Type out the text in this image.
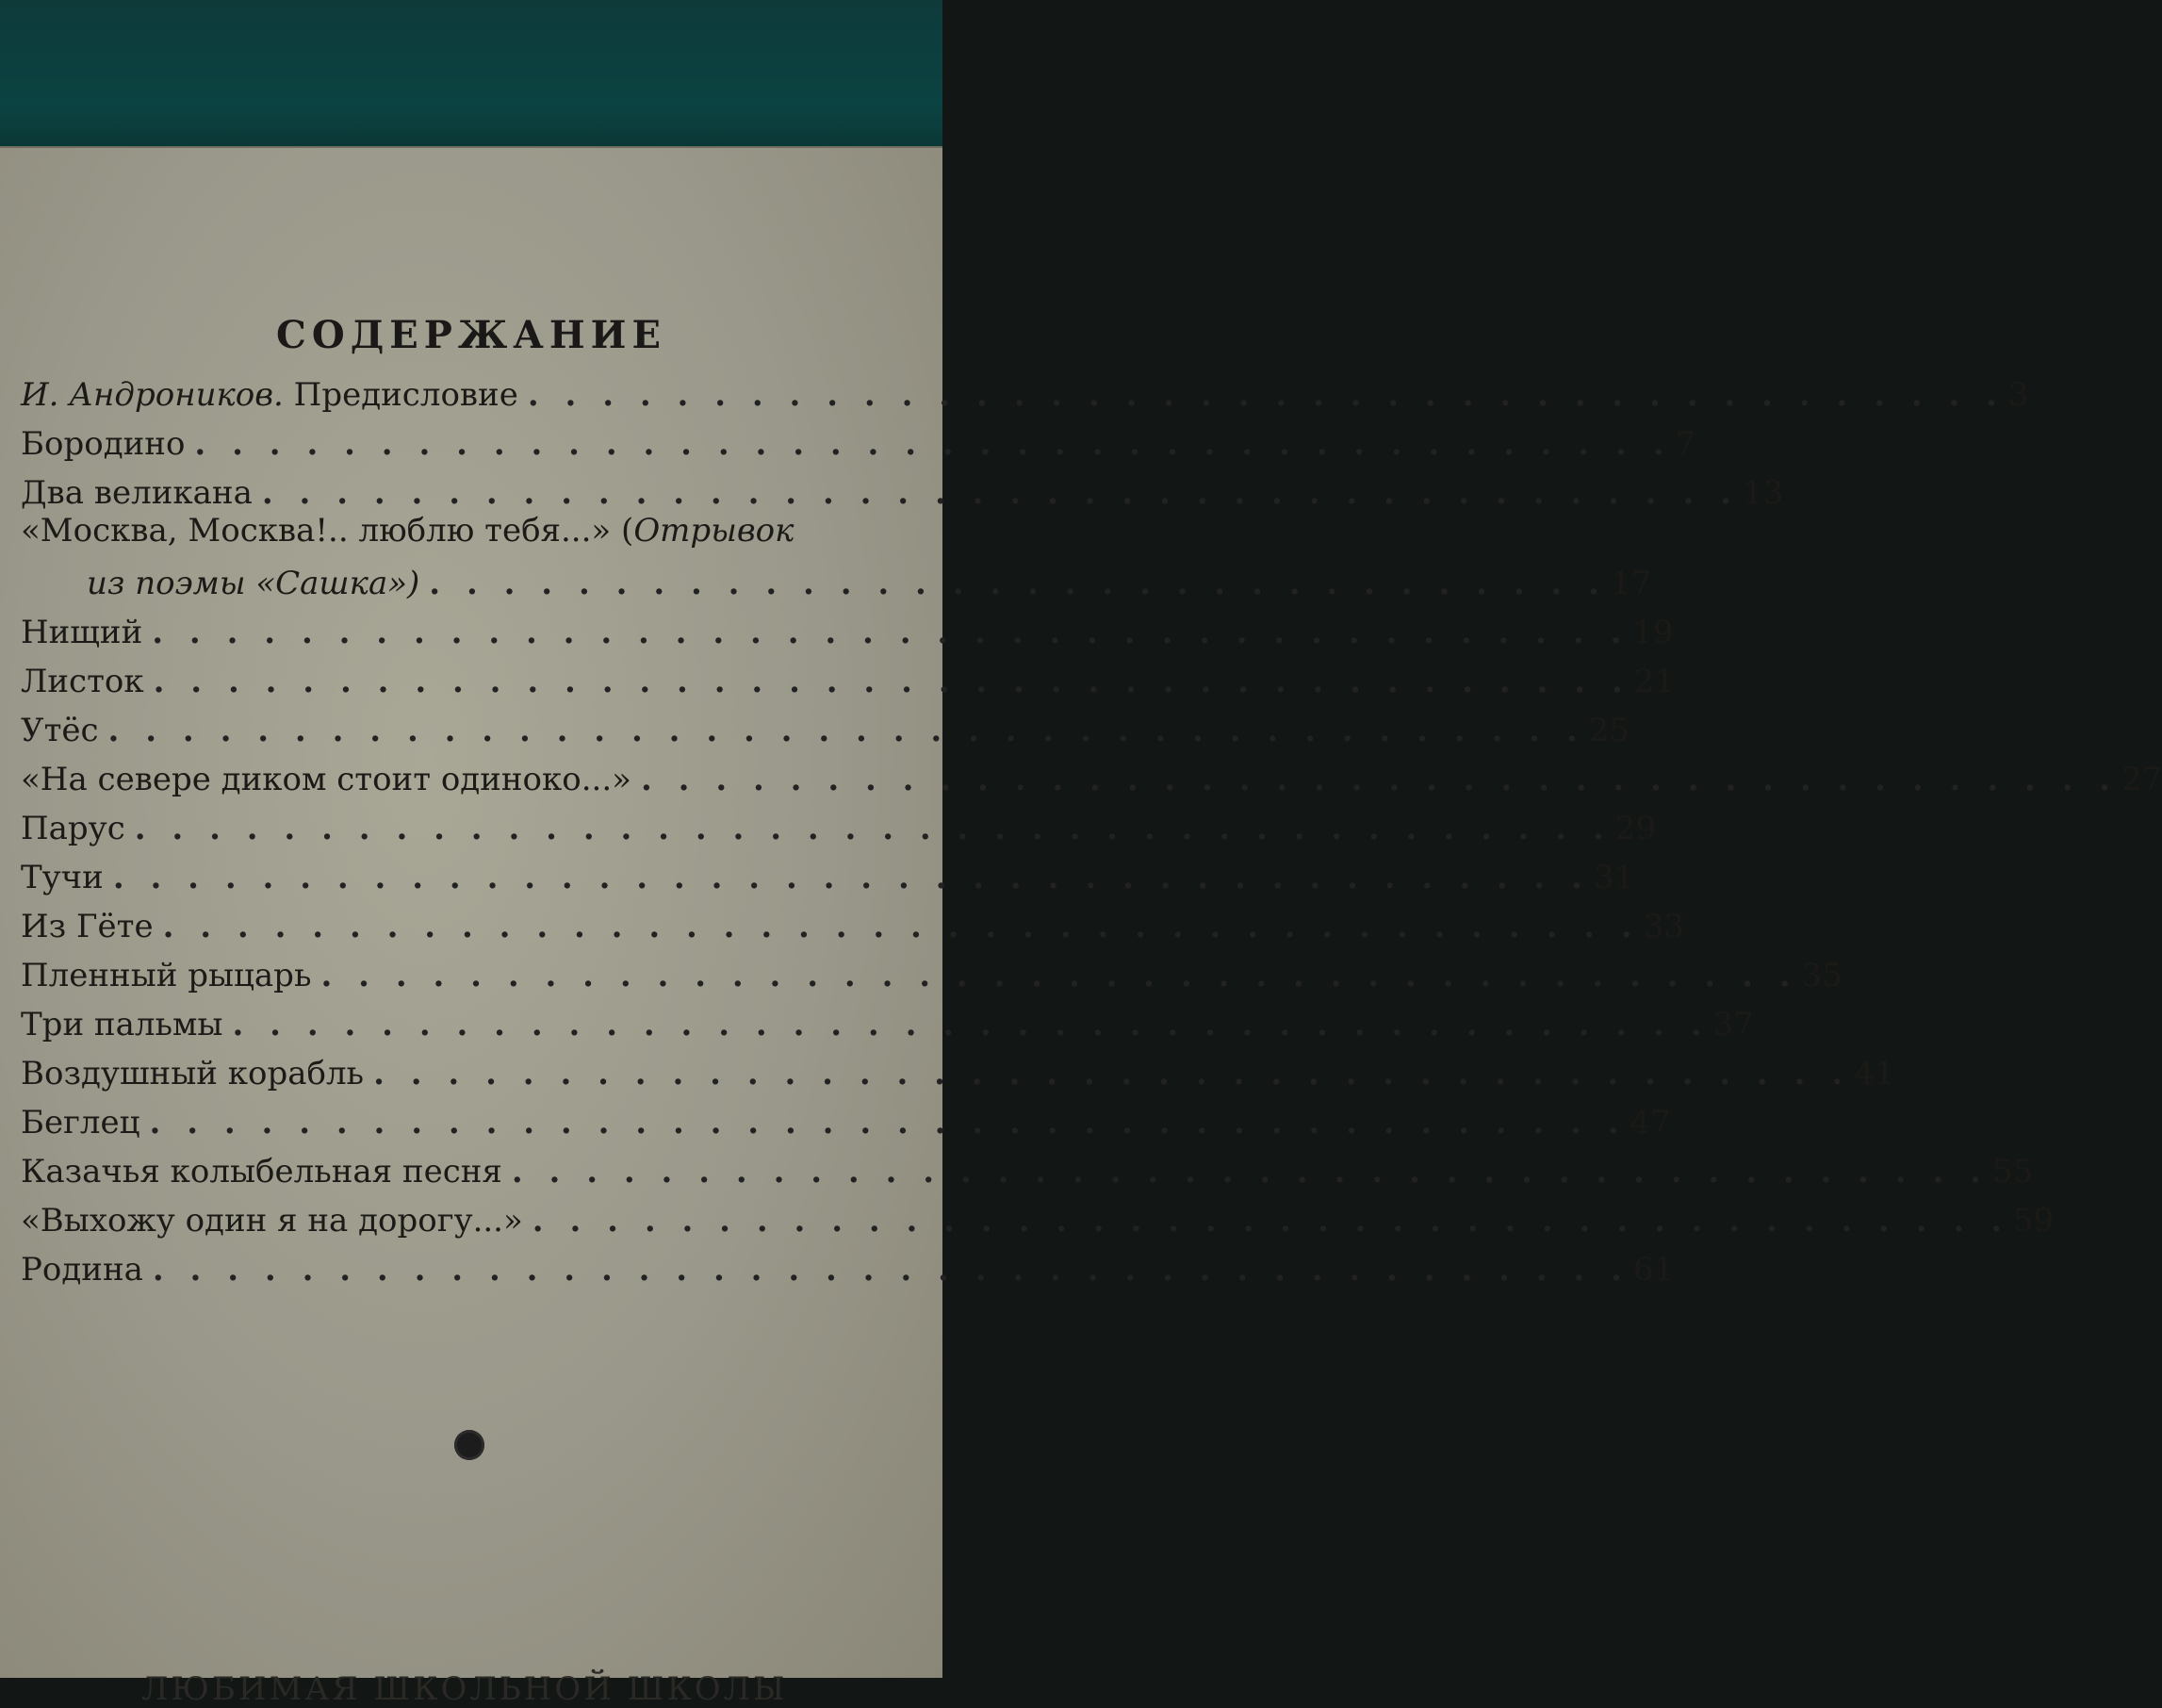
СОДЕРЖАНИЕ
И. Андроников. Предисловие . . . . . . . . . . . . . . . . . . . . . . . . . . . . . . . . . . . . . . . . 3
Бородино . . . . . . . . . . . . . . . . . . . . . . . . . . . . . . . . . . . . . . . . 7
Два великана . . . . . . . . . . . . . . . . . . . . . . . . . . . . . . . . . . . . . . . . 13
«Москва, Москва!.. люблю тебя...» (Отрывок
из поэмы «Сашка») . . . . . . . . . . . . . . . . . . . . . . . . . . . . . . . . 17
Нищий . . . . . . . . . . . . . . . . . . . . . . . . . . . . . . . . . . . . . . . . 19
Листок . . . . . . . . . . . . . . . . . . . . . . . . . . . . . . . . . . . . . . . . 21
Утёс . . . . . . . . . . . . . . . . . . . . . . . . . . . . . . . . . . . . . . . . 25
«На севере диком стоит одиноко...» . . . . . . . . . . . . . . . . . . . . . . . . . . . . . . . . . . . . . . . . 27
Парус . . . . . . . . . . . . . . . . . . . . . . . . . . . . . . . . . . . . . . . . 29
Тучи . . . . . . . . . . . . . . . . . . . . . . . . . . . . . . . . . . . . . . . . 31
Из Гёте . . . . . . . . . . . . . . . . . . . . . . . . . . . . . . . . . . . . . . . . 33
Пленный рыцарь . . . . . . . . . . . . . . . . . . . . . . . . . . . . . . . . . . . . . . . . 35
Три пальмы . . . . . . . . . . . . . . . . . . . . . . . . . . . . . . . . . . . . . . . . 37
Воздушный корабль . . . . . . . . . . . . . . . . . . . . . . . . . . . . . . . . . . . . . . . . 41
Беглец . . . . . . . . . . . . . . . . . . . . . . . . . . . . . . . . . . . . . . . . 47
Казачья колыбельная песня . . . . . . . . . . . . . . . . . . . . . . . . . . . . . . . . . . . . . . . . 55
«Выхожу один я на дорогу...» . . . . . . . . . . . . . . . . . . . . . . . . . . . . . . . . . . . . . . . . 59
Родина . . . . . . . . . . . . . . . . . . . . . . . . . . . . . . . . . . . . . . . . 61
ЛЮБИМАЯ ШКОЛЬНОЙ ШКОЛЫ
